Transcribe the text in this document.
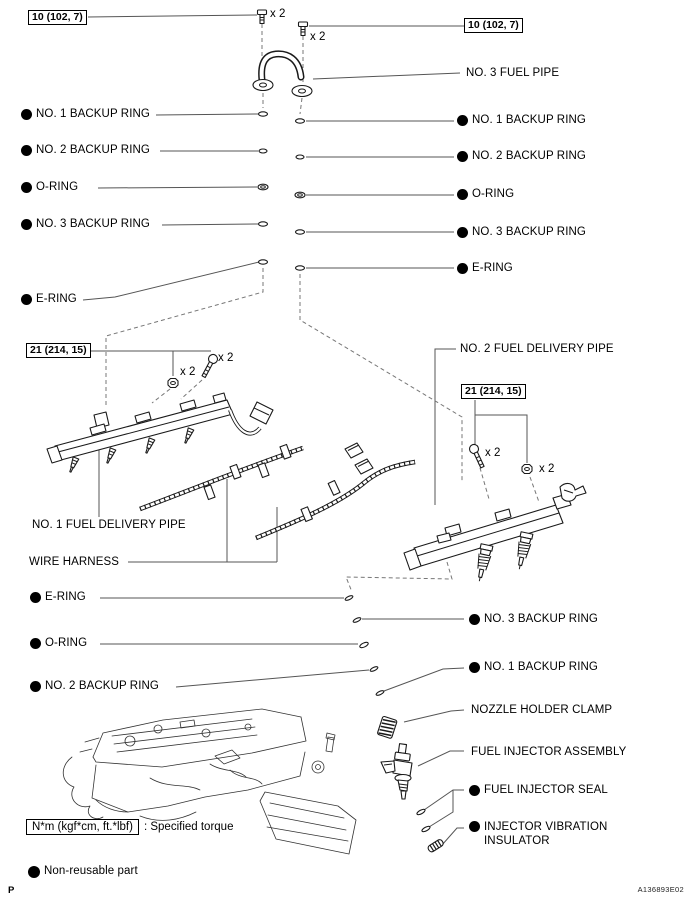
10 (102, 7)
10 (102, 7)
21 (214, 15)
21 (214, 15)
x 2
x 2
x 2
x 2
x 2
x 2
NO. 3 FUEL PIPE
NO. 1 BACKUP RING
NO. 2 BACKUP RING
O-RING
NO. 3 BACKUP RING
E-RING
NO. 1 BACKUP RING
NO. 2 BACKUP RING
O-RING
NO. 3 BACKUP RING
E-RING
NO. 2 FUEL DELIVERY PIPE
NO. 1 FUEL DELIVERY PIPE
WIRE HARNESS
E-RING
O-RING
NO. 2 BACKUP RING
NO. 3 BACKUP RING
NO. 1 BACKUP RING
NOZZLE HOLDER CLAMP
FUEL INJECTOR ASSEMBLY
FUEL INJECTOR SEAL
INJECTOR VIBRATION INSULATOR
N*m (kgf*cm, ft.*lbf) : Specified torque
Non-reusable part
P	A136893E02
